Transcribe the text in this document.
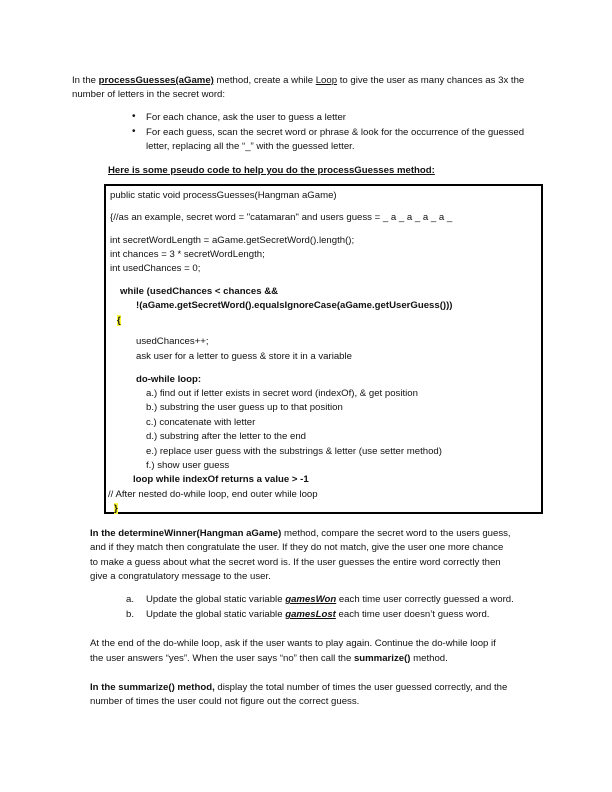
In the processGuesses(aGame) method, create a while Loop to give the user as many chances as 3x the
number of letters in the secret word:
• For each chance, ask the user to guess a letter
• For each guess, scan the secret word or phrase & look for the occurrence of the guessed
letter, replacing all the “_” with the guessed letter.
Here is some pseudo code to help you do the processGuesses method:
public static void processGuesses(Hangman aGame)
{//as an example, secret word = "catamaran" and users guess = _ a _ a _ a _ a _
int secretWordLength = aGame.getSecretWord().length();
int chances = 3 * secretWordLength;
int usedChances = 0;
while (usedChances < chances &&
!(aGame.getSecretWord().equalsIgnoreCase(aGame.getUserGuess()))
{
usedChances++;
ask user for a letter to guess & store it in a variable
do-while loop:
a.) find out if letter exists in secret word (indexOf), & get position
b.) substring the user guess up to that position
c.) concatenate with letter
d.) substring after the letter to the end
e.) replace user guess with the substrings & letter (use setter method)
f.) show user guess
loop while indexOf returns a value > -1
// After nested do-while loop, end outer while loop
}
In the determineWinner(Hangman aGame) method, compare the secret word to the users guess,
and if they match then congratulate the user. If they do not match, give the user one more chance
to make a guess about what the secret word is. If the user guesses the entire word correctly then
give a congratulatory message to the user.
a. Update the global static variable gamesWon each time user correctly guessed a word.
b. Update the global static variable gamesLost each time user doesn’t guess word.
At the end of the do-while loop, ask if the user wants to play again. Continue the do-while loop if
the user answers “yes”. When the user says “no” then call the summarize() method.
In the summarize() method, display the total number of times the user guessed correctly, and the
number of times the user could not figure out the correct guess.
